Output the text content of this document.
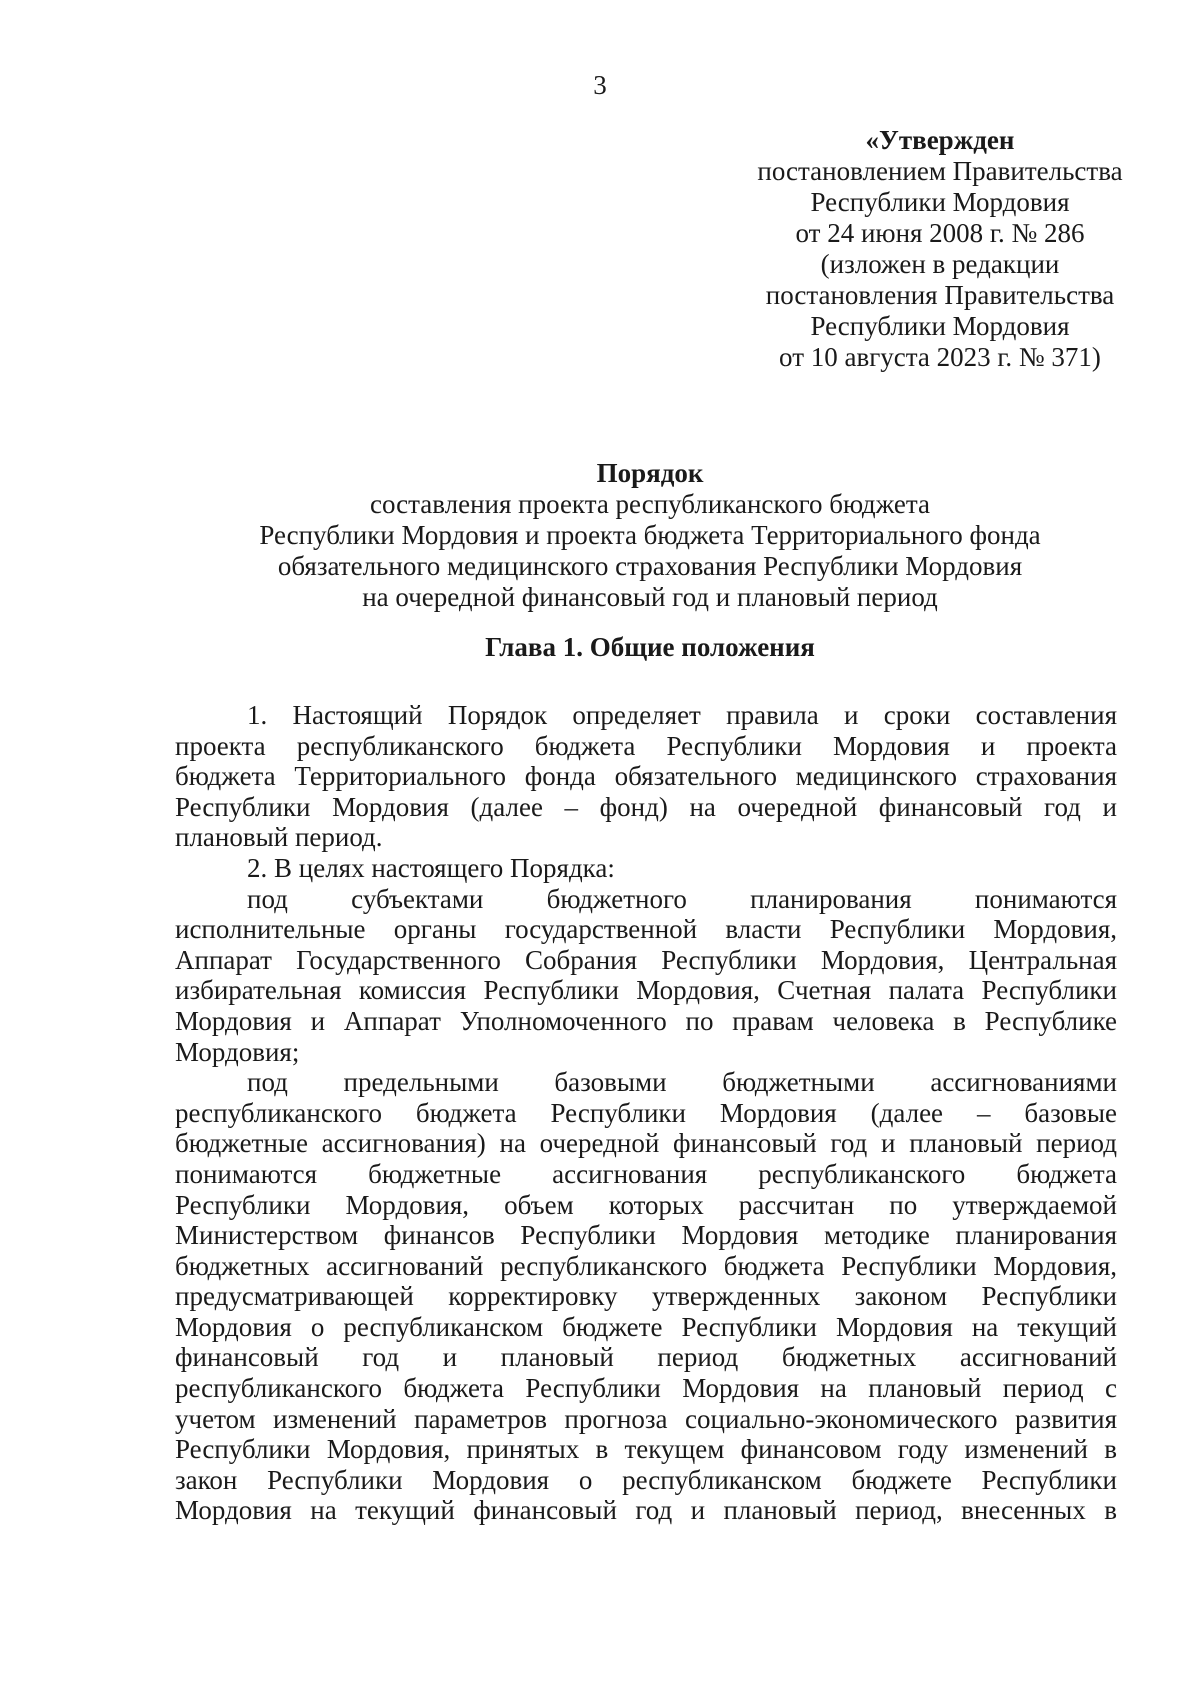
3
«Утвержден
постановлением Правительства
Республики Мордовия
от 24 июня 2008 г. № 286
(изложен в редакции
постановления Правительства
Республики Мордовия
от 10 августа 2023 г. № 371)
Порядок
составления проекта республиканского бюджета
Республики Мордовия и проекта бюджета Территориального фонда
обязательного медицинского страхования Республики Мордовия
на очередной финансовый год и плановый период
Глава 1. Общие положения
1. Настоящий Порядок определяет правила и сроки составления
проекта республиканского бюджета Республики Мордовия и проекта
бюджета Территориального фонда обязательного медицинского страхования
Республики Мордовия (далее – фонд) на очередной финансовый год и
плановый период.
2. В целях настоящего Порядка:
под субъектами бюджетного планирования понимаются
исполнительные органы государственной власти Республики Мордовия,
Аппарат Государственного Собрания Республики Мордовия, Центральная
избирательная комиссия Республики Мордовия, Счетная палата Республики
Мордовия и Аппарат Уполномоченного по правам человека в Республике
Мордовия;
под предельными базовыми бюджетными ассигнованиями
республиканского бюджета Республики Мордовия (далее – базовые
бюджетные ассигнования) на очередной финансовый год и плановый период
понимаются бюджетные ассигнования республиканского бюджета
Республики Мордовия, объем которых рассчитан по утверждаемой
Министерством финансов Республики Мордовия методике планирования
бюджетных ассигнований республиканского бюджета Республики Мордовия,
предусматривающей корректировку утвержденных законом Республики
Мордовия о республиканском бюджете Республики Мордовия на текущий
финансовый год и плановый период бюджетных ассигнований
республиканского бюджета Республики Мордовия на плановый период с
учетом изменений параметров прогноза социально-экономического развития
Республики Мордовия, принятых в текущем финансовом году изменений в
закон Республики Мордовия о республиканском бюджете Республики
Мордовия на текущий финансовый год и плановый период, внесенных в
